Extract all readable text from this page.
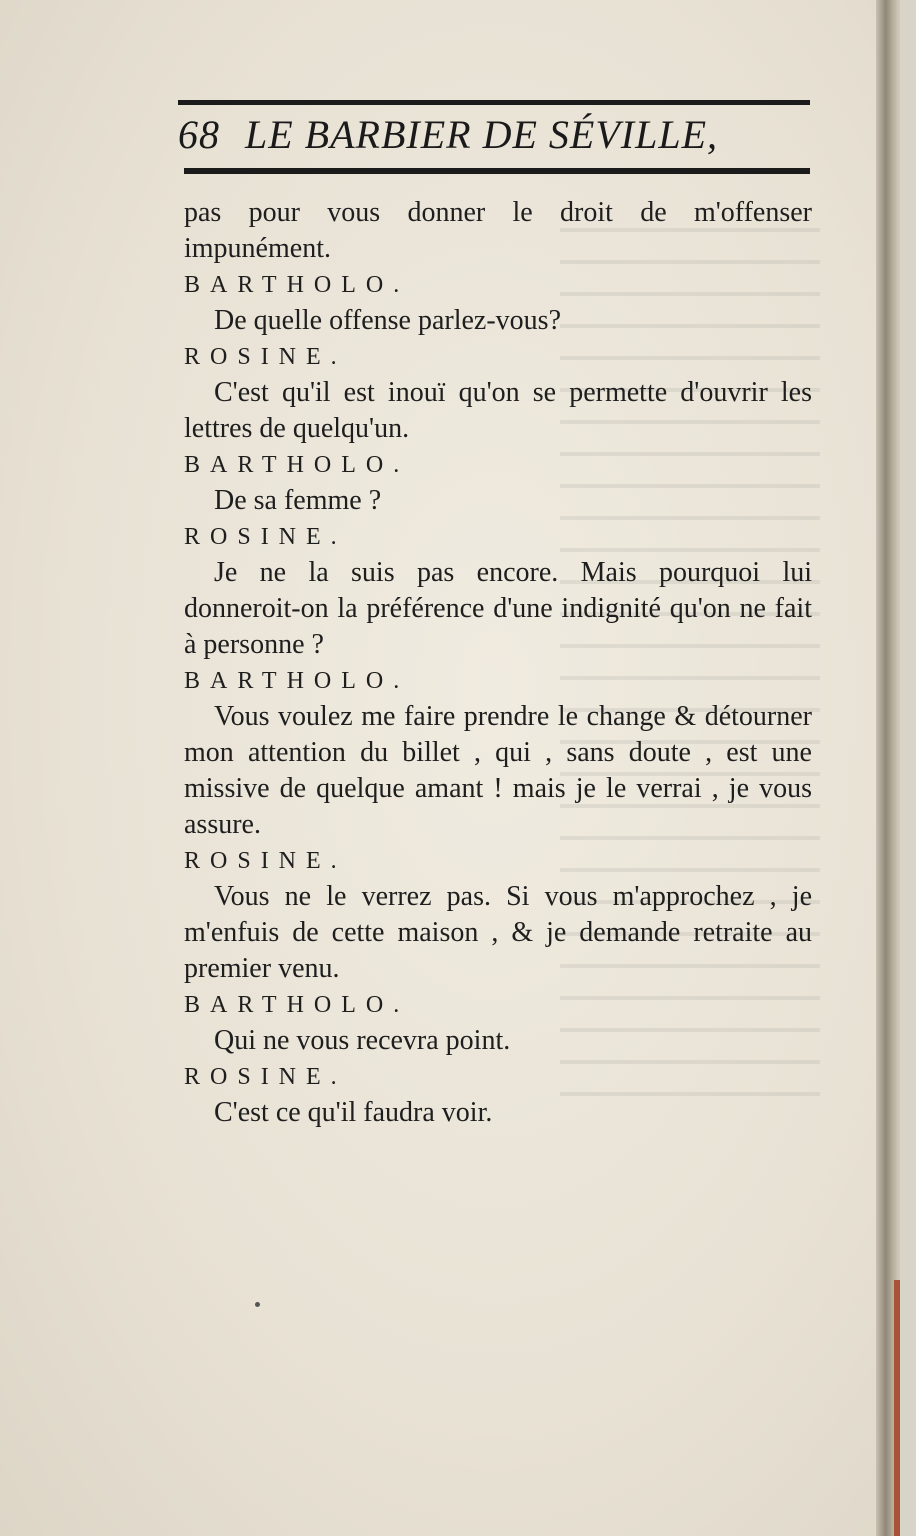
68 LE BARBIER DE SÉVILLE,

pas pour vous donner le droit de m'offenser impunément.

BARTHOLO.

De quelle offense parlez-vous?

ROSINE.

C'est qu'il est inouï qu'on se permette d'ouvrir les lettres de quelqu'un.

BARTHOLO.

De sa femme ?

ROSINE.

Je ne la suis pas encore. Mais pourquoi lui donneroit-on la préférence d'une indignité qu'on ne fait à personne ?

BARTHOLO.

Vous voulez me faire prendre le change & détourner mon attention du billet , qui , sans doute , est une missive de quelque amant ! mais je le verrai , je vous assure.

ROSINE.

Vous ne le verrez pas. Si vous m'approchez , je m'enfuis de cette maison , & je demande retraite au premier venu.

BARTHOLO.

Qui ne vous recevra point.

ROSINE.

C'est ce qu'il faudra voir.
